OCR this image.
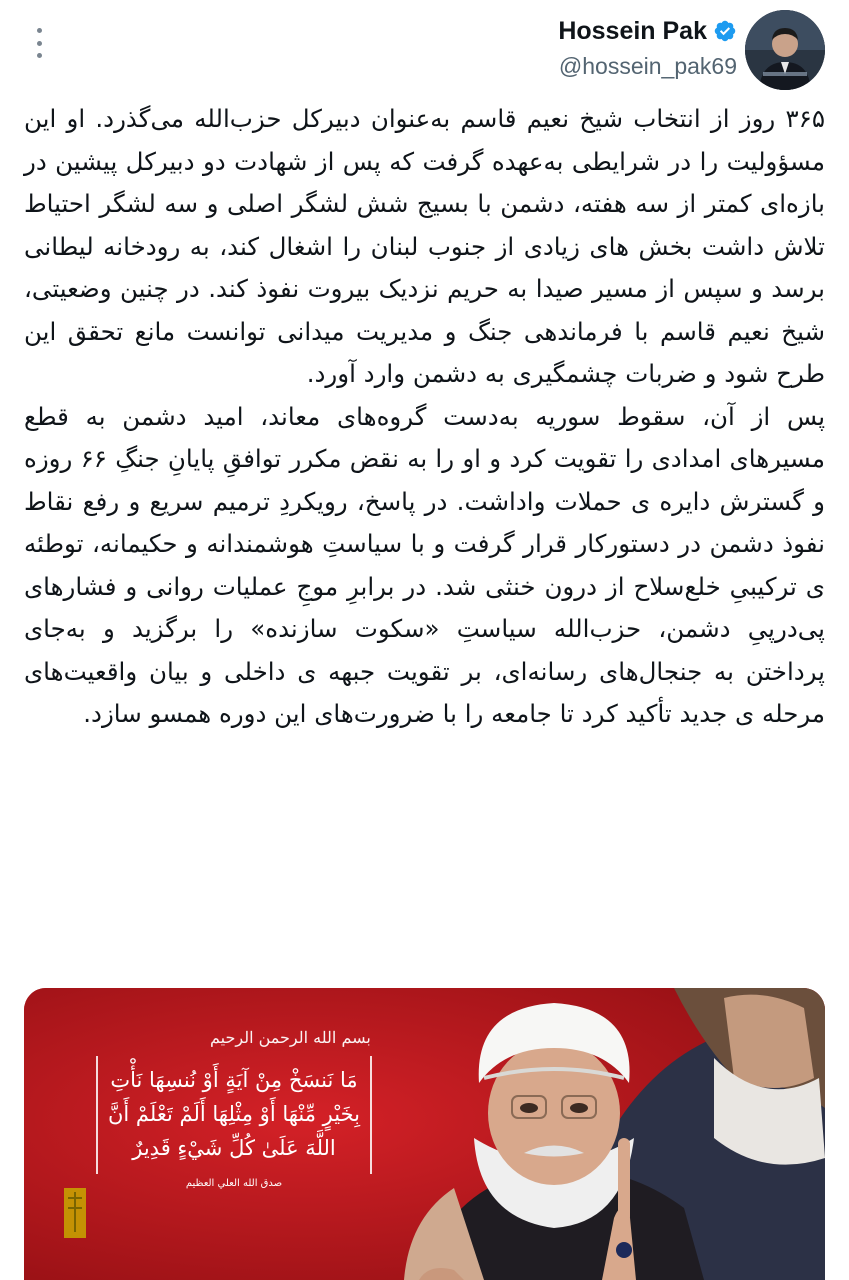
Hossein Pak
@hossein_pak69
۳۶۵ روز از انتخاب شیخ نعیم قاسم به‌عنوان دبیرکل حزب‌الله می‌گذرد. او این مسؤولیت را در شرایطی به‌عهده گرفت که پس از شهادت دو دبیرکل پیشین در بازه‌ای کمتر از سه هفته، دشمن با بسیج شش لشگر اصلی و سه لشگر احتیاط تلاش داشت بخش های زیادی از جنوب لبنان را اشغال کند، به رودخانه لیطانی برسد و سپس از مسیر صیدا به حریم نزدیک بیروت نفوذ کند. در چنین وضعیتی، شیخ نعیم قاسم با فرماندهی جنگ و مدیریت میدانی توانست مانع تحقق این طرح شود و ضربات چشمگیری به دشمن وارد آورد.
پس از آن، سقوط سوریه به‌دست گروه‌های معاند، امید دشمن به قطع مسیرهای امدادی را تقویت کرد و او را به نقض مکرر توافقِ پایانِ جنگِ ۶۶ روزه و گسترش دایره ی حملات واداشت. در پاسخ، رویکردِ ترمیم سریع و رفع نقاط نفوذ دشمن در دستورکار قرار گرفت و با سیاستِ هوشمندانه و حکیمانه، توطئه ی ترکیبیِ خلع‌سلاح از درون خنثی شد. در برابرِ موجِ عملیات روانی و فشارهای پی‌درپیِ دشمن، حزب‌الله سیاستِ «سکوت سازنده» را برگزید و به‌جای پرداختن به جنجال‌های رسانه‌ای، بر تقویت جبهه ی داخلی و بیان واقعیت‌های مرحله ی جدید تأکید کرد تا جامعه را با ضرورت‌های این دوره همسو سازد.
بسم الله الرحمن الرحیم
مَا نَنسَخْ مِنْ آيَةٍ أَوْ نُنسِهَا نَأْتِ
بِخَيْرٍ مِّنْهَا أَوْ مِثْلِهَا أَلَمْ تَعْلَمْ أَنَّ
اللَّهَ عَلَىٰ كُلِّ شَيْءٍ قَدِيرٌ
صدق الله العلي العظيم
